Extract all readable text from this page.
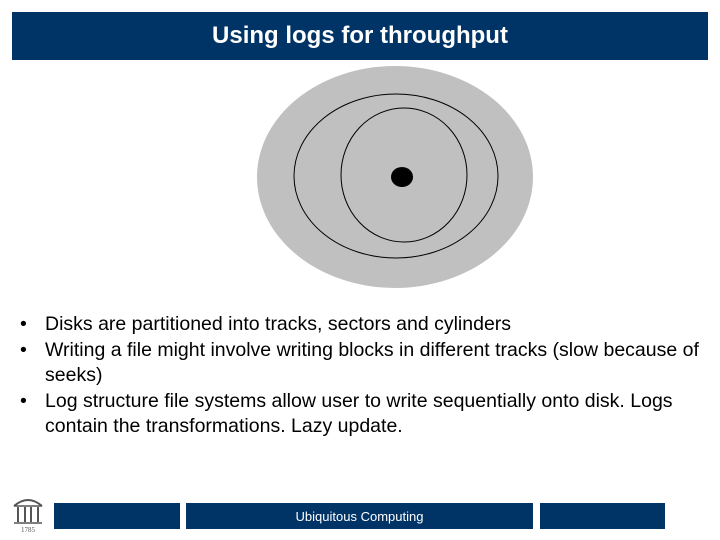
Using logs for throughput
• Disks are partitioned into tracks, sectors and cylinders
• Writing a file might involve writing blocks in different tracks (slow because of seeks)
• Log structure file systems allow user to write sequentially onto disk. Logs contain the transformations. Lazy update.
1785
Ubiquitous Computing
